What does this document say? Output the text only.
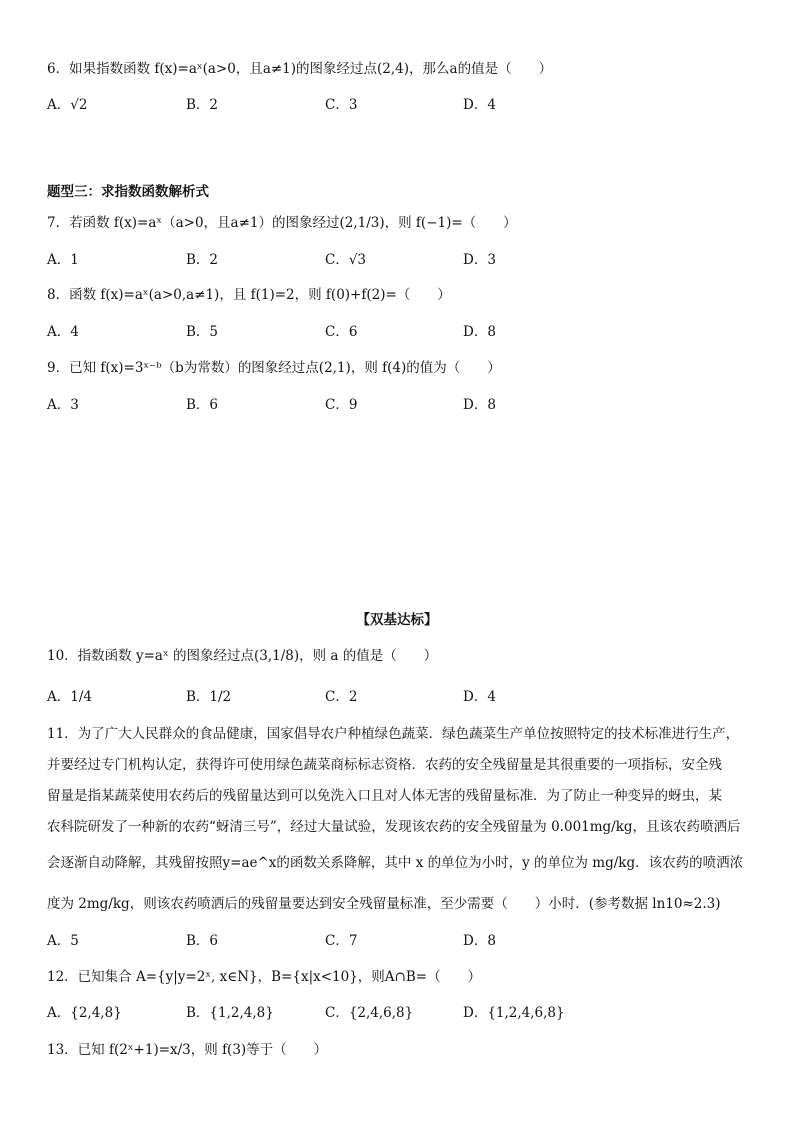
6．如果指数函数 f(x)=aˣ(a>0，且a≠1)的图象经过点(2,4)，那么a的值是（　　）
A．√2	B．2	C．3	D．4
题型三：求指数函数解析式
7．若函数 f(x)=aˣ（a>0，且a≠1）的图象经过(2,1/3)，则 f(−1)=（　　）
A．1	B．2	C．√3	D．3
8．函数 f(x)=aˣ(a>0,a≠1)，且 f(1)=2，则 f(0)+f(2)=（　　）
A．4	B．5	C．6	D．8
9．已知 f(x)=3ˣ⁻ᵇ（b为常数）的图象经过点(2,1)，则 f(4)的值为（　　）
A．3	B．6	C．9	D．8
【双基达标】
10．指数函数 y=aˣ 的图象经过点(3,1/8)，则 a 的值是（　　）
A．1/4	B．1/2	C．2	D．4
11．为了广大人民群众的食品健康，国家倡导农户种植绿色蔬菜．绿色蔬菜生产单位按照特定的技术标准进行生产，
并要经过专门机构认定，获得许可使用绿色蔬菜商标标志资格．农药的安全残留量是其很重要的一项指标，安全残
留量是指某蔬菜使用农药后的残留量达到可以免洗入口且对人体无害的残留量标准．为了防止一种变异的蚜虫，某
农科院研发了一种新的农药“蚜清三号”，经过大量试验，发现该农药的安全残留量为 0.001mg/kg，且该农药喷洒后
会逐渐自动降解，其残留按照y=ae^x的函数关系降解，其中 x 的单位为小时，y 的单位为 mg/kg．该农药的喷洒浓
度为 2mg/kg，则该农药喷洒后的残留量要达到安全残留量标准，至少需要（　　）小时．(参考数据 ln10≈2.3)
A．5	B．6	C．7	D．8
12．已知集合 A={y|y=2ˣ, x∈N}，B={x|x<10}，则A∩B=（　　）
A．{2,4,8}	B．{1,2,4,8}	C．{2,4,6,8}	D．{1,2,4,6,8}
13．已知 f(2ˣ+1)=x/3，则 f(3)等于（　　）
